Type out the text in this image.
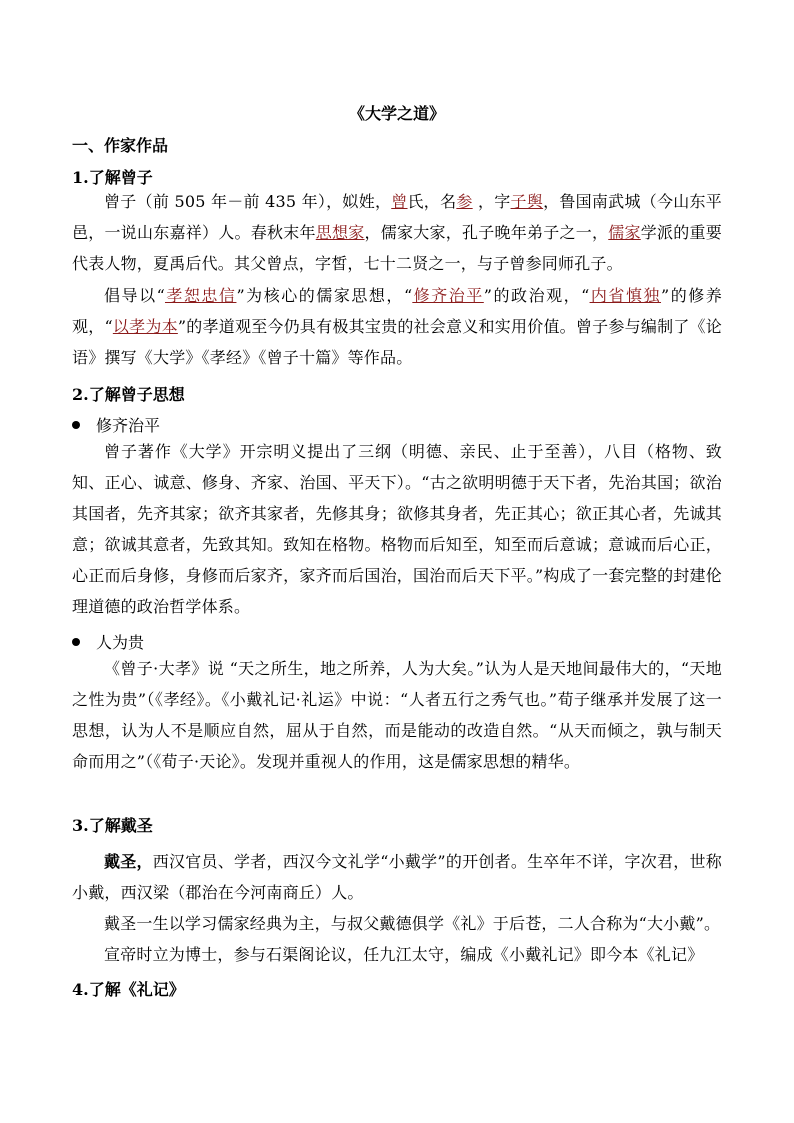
《大学之道》
一、作家作品
1.了解曾子
曾子（前 505 年－前 435 年），姒姓，曾氏，名参 ，字子舆，鲁国南武城（今山东平邑，一说山东嘉祥）人。春秋末年思想家，儒家大家，孔子晚年弟子之一，儒家学派的重要代表人物，夏禹后代。其父曾点，字皙，七十二贤之一，与子曾参同师孔子。
倡导以“孝恕忠信”为核心的儒家思想，“修齐治平”的政治观，“内省慎独”的修养观，“以孝为本”的孝道观至今仍具有极其宝贵的社会意义和实用价值。曾子参与编制了《论语》撰写《大学》《孝经》《曾子十篇》等作品。
2.了解曾子思想
修齐治平
曾子著作《大学》开宗明义提出了三纲（明德、亲民、止于至善），八目（格物、致知、正心、诚意、修身、齐家、治国、平天下）。“古之欲明明德于天下者，先治其国；欲治其国者，先齐其家；欲齐其家者，先修其身；欲修其身者，先正其心；欲正其心者，先诚其意；欲诚其意者，先致其知。致知在格物。格物而后知至，知至而后意诚；意诚而后心正，心正而后身修，身修而后家齐，家齐而后国治，国治而后天下平。”构成了一套完整的封建伦理道德的政治哲学体系。
人为贵
《曾子·大孝》说 “天之所生，地之所养，人为大矣。”认为人是天地间最伟大的，“天地之性为贵”（《孝经》。《小戴礼记·礼运》中说：“人者五行之秀气也。”荀子继承并发展了这一思想，认为人不是顺应自然，屈从于自然，而是能动的改造自然。“从天而倾之，孰与制天命而用之”（《荀子·天论》。发现并重视人的作用，这是儒家思想的精华。
3.了解戴圣
戴圣，西汉官员、学者，西汉今文礼学“小戴学”的开创者。生卒年不详，字次君，世称小戴，西汉梁（郡治在今河南商丘）人。
戴圣一生以学习儒家经典为主，与叔父戴德俱学《礼》于后苍，二人合称为“大小戴”。
宣帝时立为博士，参与石渠阁论议，任九江太守，编成《小戴礼记》即今本《礼记》
4.了解《礼记》
